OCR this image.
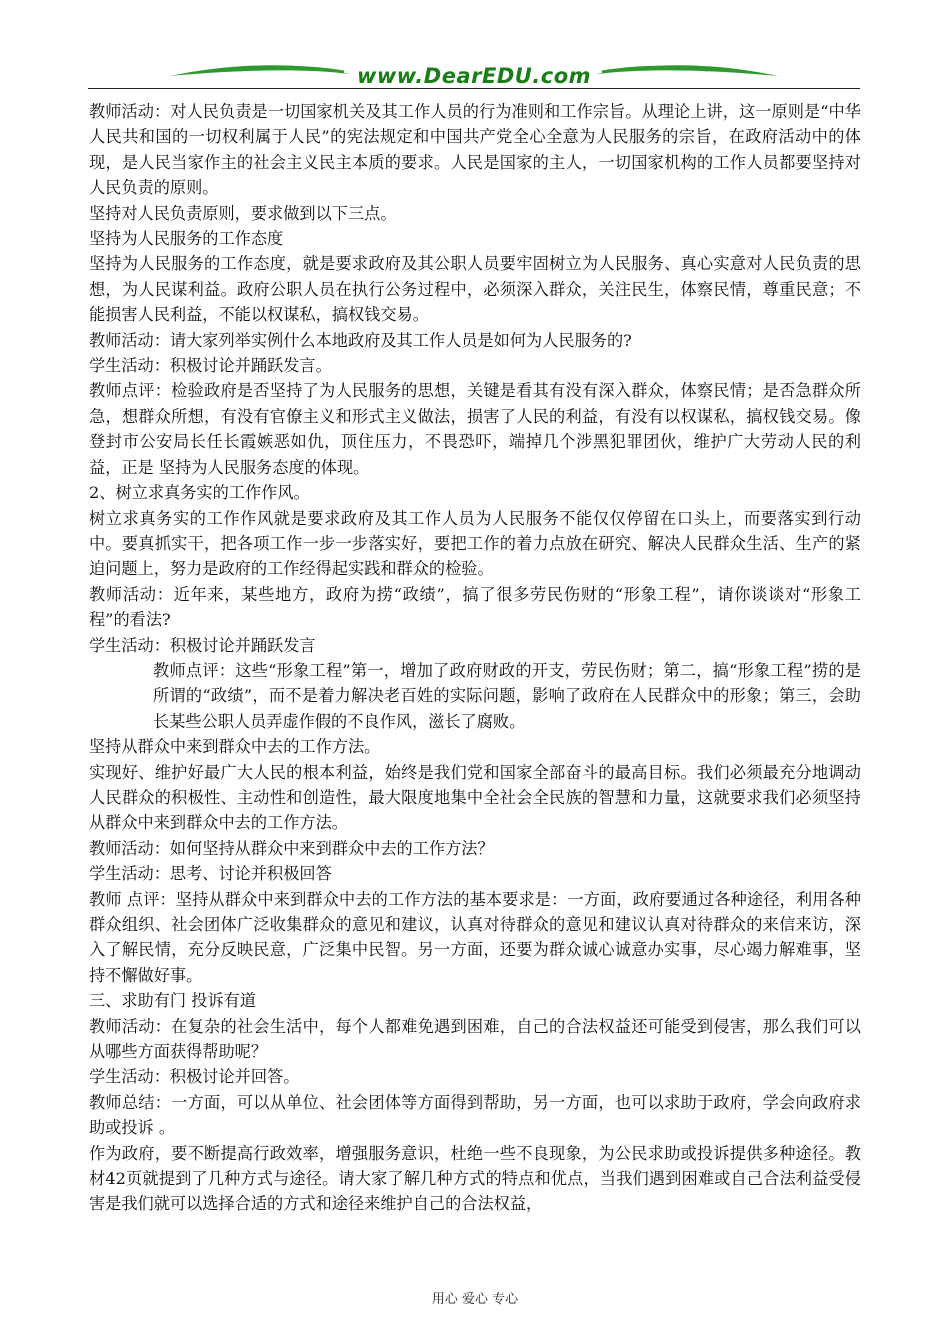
www.DearEDU.com

教师活动：对人民负责是一切国家机关及其工作人员的行为准则和工作宗旨。从理论上讲，这一原则是“中华人民共和国的一切权利属于人民”的宪法规定和中国共产党全心全意为人民服务的宗旨，在政府活动中的体现，是人民当家作主的社会主义民主本质的要求。人民是国家的主人，一切国家机构的工作人员都要坚持对人民负责的原则。

坚持对人民负责原则，要求做到以下三点。

坚持为人民服务的工作态度

坚持为人民服务的工作态度，就是要求政府及其公职人员要牢固树立为人民服务、真心实意对人民负责的思想，为人民谋利益。政府公职人员在执行公务过程中，必须深入群众，关注民生，体察民情，尊重民意；不能损害人民利益，不能以权谋私，搞权钱交易。

教师活动：请大家列举实例什么本地政府及其工作人员是如何为人民服务的?

学生活动：积极讨论并踊跃发言。

教师点评：检验政府是否坚持了为人民服务的思想，关键是看其有没有深入群众，体察民情；是否急群众所急，想群众所想，有没有官僚主义和形式主义做法，损害了人民的利益，有没有以权谋私，搞权钱交易。像登封市公安局长任长霞嫉恶如仇，顶住压力，不畏恐吓，端掉几个涉黑犯罪团伙，维护广大劳动人民的利益，正是 坚持为人民服务态度的体现。

2、树立求真务实的工作作风。

树立求真务实的工作作风就是要求政府及其工作人员为人民服务不能仅仅停留在口头上，而要落实到行动中。要真抓实干，把各项工作一步一步落实好，要把工作的着力点放在研究、解决人民群众生活、生产的紧迫问题上，努力是政府的工作经得起实践和群众的检验。

教师活动：近年来，某些地方，政府为捞“政绩”，搞了很多劳民伤财的“形象工程”，请你谈谈对“形象工程”的看法?

学生活动：积极讨论并踊跃发言

教师点评：这些“形象工程”第一，增加了政府财政的开支，劳民伤财；第二，搞“形象工程”捞的是所谓的“政绩”，而不是着力解决老百姓的实际问题，影响了政府在人民群众中的形象；第三，会助长某些公职人员弄虚作假的不良作风，滋长了腐败。

坚持从群众中来到群众中去的工作方法。

实现好、维护好最广大人民的根本利益，始终是我们党和国家全部奋斗的最高目标。我们必须最充分地调动人民群众的积极性、主动性和创造性，最大限度地集中全社会全民族的智慧和力量，这就要求我们必须坚持从群众中来到群众中去的工作方法。

教师活动：如何坚持从群众中来到群众中去的工作方法？

学生活动：思考、讨论并积极回答

教师 点评：坚持从群众中来到群众中去的工作方法的基本要求是：一方面，政府要通过各种途径，利用各种群众组织、社会团体广泛收集群众的意见和建议，认真对待群众的意见和建议认真对待群众的来信来访，深入了解民情，充分反映民意，广泛集中民智。另一方面，还要为群众诚心诚意办实事，尽心竭力解难事，坚持不懈做好事。

三、求助有门 投诉有道

教师活动：在复杂的社会生活中，每个人都难免遇到困难，自己的合法权益还可能受到侵害，那么我们可以从哪些方面获得帮助呢？

学生活动：积极讨论并回答。

教师总结：一方面，可以从单位、社会团体等方面得到帮助，另一方面，也可以求助于政府，学会向政府求助或投诉 。

作为政府，要不断提高行政效率，增强服务意识，杜绝一些不良现象，为公民求助或投诉提供多种途径。教材42页就提到了几种方式与途径。请大家了解几种方式的特点和优点，当我们遇到困难或自己合法利益受侵害是我们就可以选择合适的方式和途径来维护自己的合法权益，

用心 爱心 专心
